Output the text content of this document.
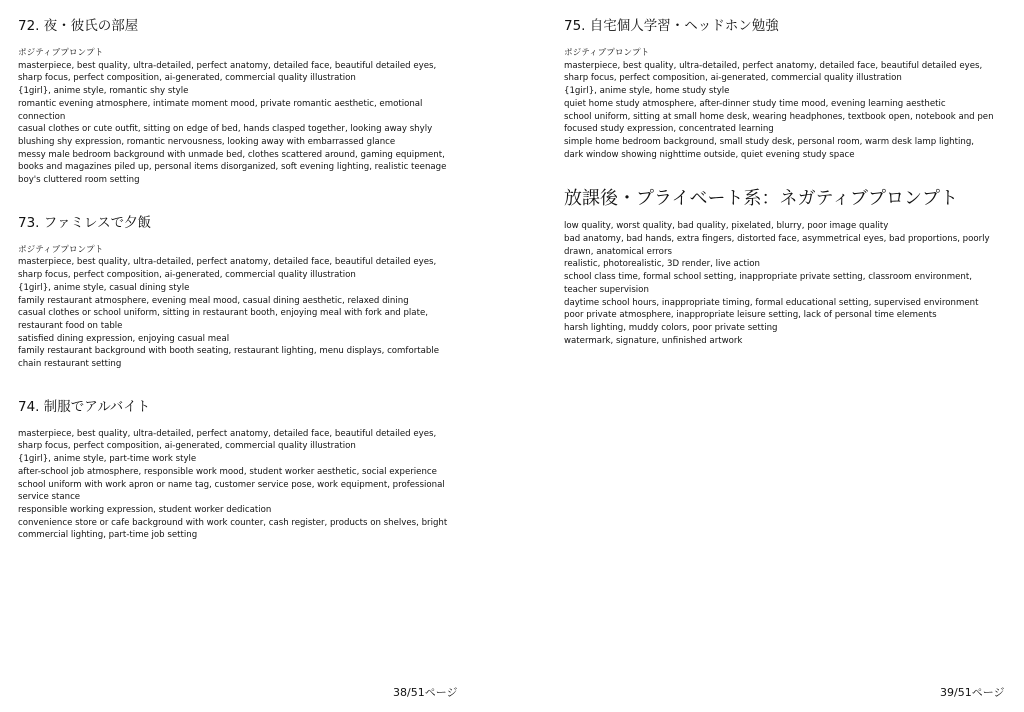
72. 夜・彼氏の部屋
ポジティブプロンプト

masterpiece, best quality, ultra-detailed, perfect anatomy, detailed face, beautiful detailed eyes,

sharp focus, perfect composition, ai-generated, commercial quality illustration

{1girl}, anime style, romantic shy style

romantic evening atmosphere, intimate moment mood, private romantic aesthetic, emotional

connection

casual clothes or cute outfit, sitting on edge of bed, hands clasped together, looking away shyly

blushing shy expression, romantic nervousness, looking away with embarrassed glance

messy male bedroom background with unmade bed, clothes scattered around, gaming equipment,

books and magazines piled up, personal items disorganized, soft evening lighting, realistic teenage

boy's cluttered room setting

73. ファミレスで夕飯
ポジティブプロンプト

masterpiece, best quality, ultra-detailed, perfect anatomy, detailed face, beautiful detailed eyes,

sharp focus, perfect composition, ai-generated, commercial quality illustration

{1girl}, anime style, casual dining style

family restaurant atmosphere, evening meal mood, casual dining aesthetic, relaxed dining

casual clothes or school uniform, sitting in restaurant booth, enjoying meal with fork and plate,

restaurant food on table

satisfied dining expression, enjoying casual meal

family restaurant background with booth seating, restaurant lighting, menu displays, comfortable

chain restaurant setting

74. 制服でアルバイト

masterpiece, best quality, ultra-detailed, perfect anatomy, detailed face, beautiful detailed eyes,

sharp focus, perfect composition, ai-generated, commercial quality illustration

{1girl}, anime style, part-time work style

after-school job atmosphere, responsible work mood, student worker aesthetic, social experience

school uniform with work apron or name tag, customer service pose, work equipment, professional

service stance

responsible working expression, student worker dedication

convenience store or cafe background with work counter, cash register, products on shelves, bright

commercial lighting, part-time job setting

38/51ページ
75. 自宅個人学習・ヘッドホン勉強
ポジティブプロンプト

masterpiece, best quality, ultra-detailed, perfect anatomy, detailed face, beautiful detailed eyes,

sharp focus, perfect composition, ai-generated, commercial quality illustration

{1girl}, anime style, home study style

quiet home study atmosphere, after-dinner study time mood, evening learning aesthetic

school uniform, sitting at small home desk, wearing headphones, textbook open, notebook and pen

focused study expression, concentrated learning

simple home bedroom background, small study desk, personal room, warm desk lamp lighting,

dark window showing nighttime outside, quiet evening study space

放課後・プライベート系：ネガティブプロンプト

low quality, worst quality, bad quality, pixelated, blurry, poor image quality

bad anatomy, bad hands, extra fingers, distorted face, asymmetrical eyes, bad proportions, poorly

drawn, anatomical errors

realistic, photorealistic, 3D render, live action

school class time, formal school setting, inappropriate private setting, classroom environment,

teacher supervision

daytime school hours, inappropriate timing, formal educational setting, supervised environment

poor private atmosphere, inappropriate leisure setting, lack of personal time elements

harsh lighting, muddy colors, poor private setting

watermark, signature, unfinished artwork

39/51ページ
